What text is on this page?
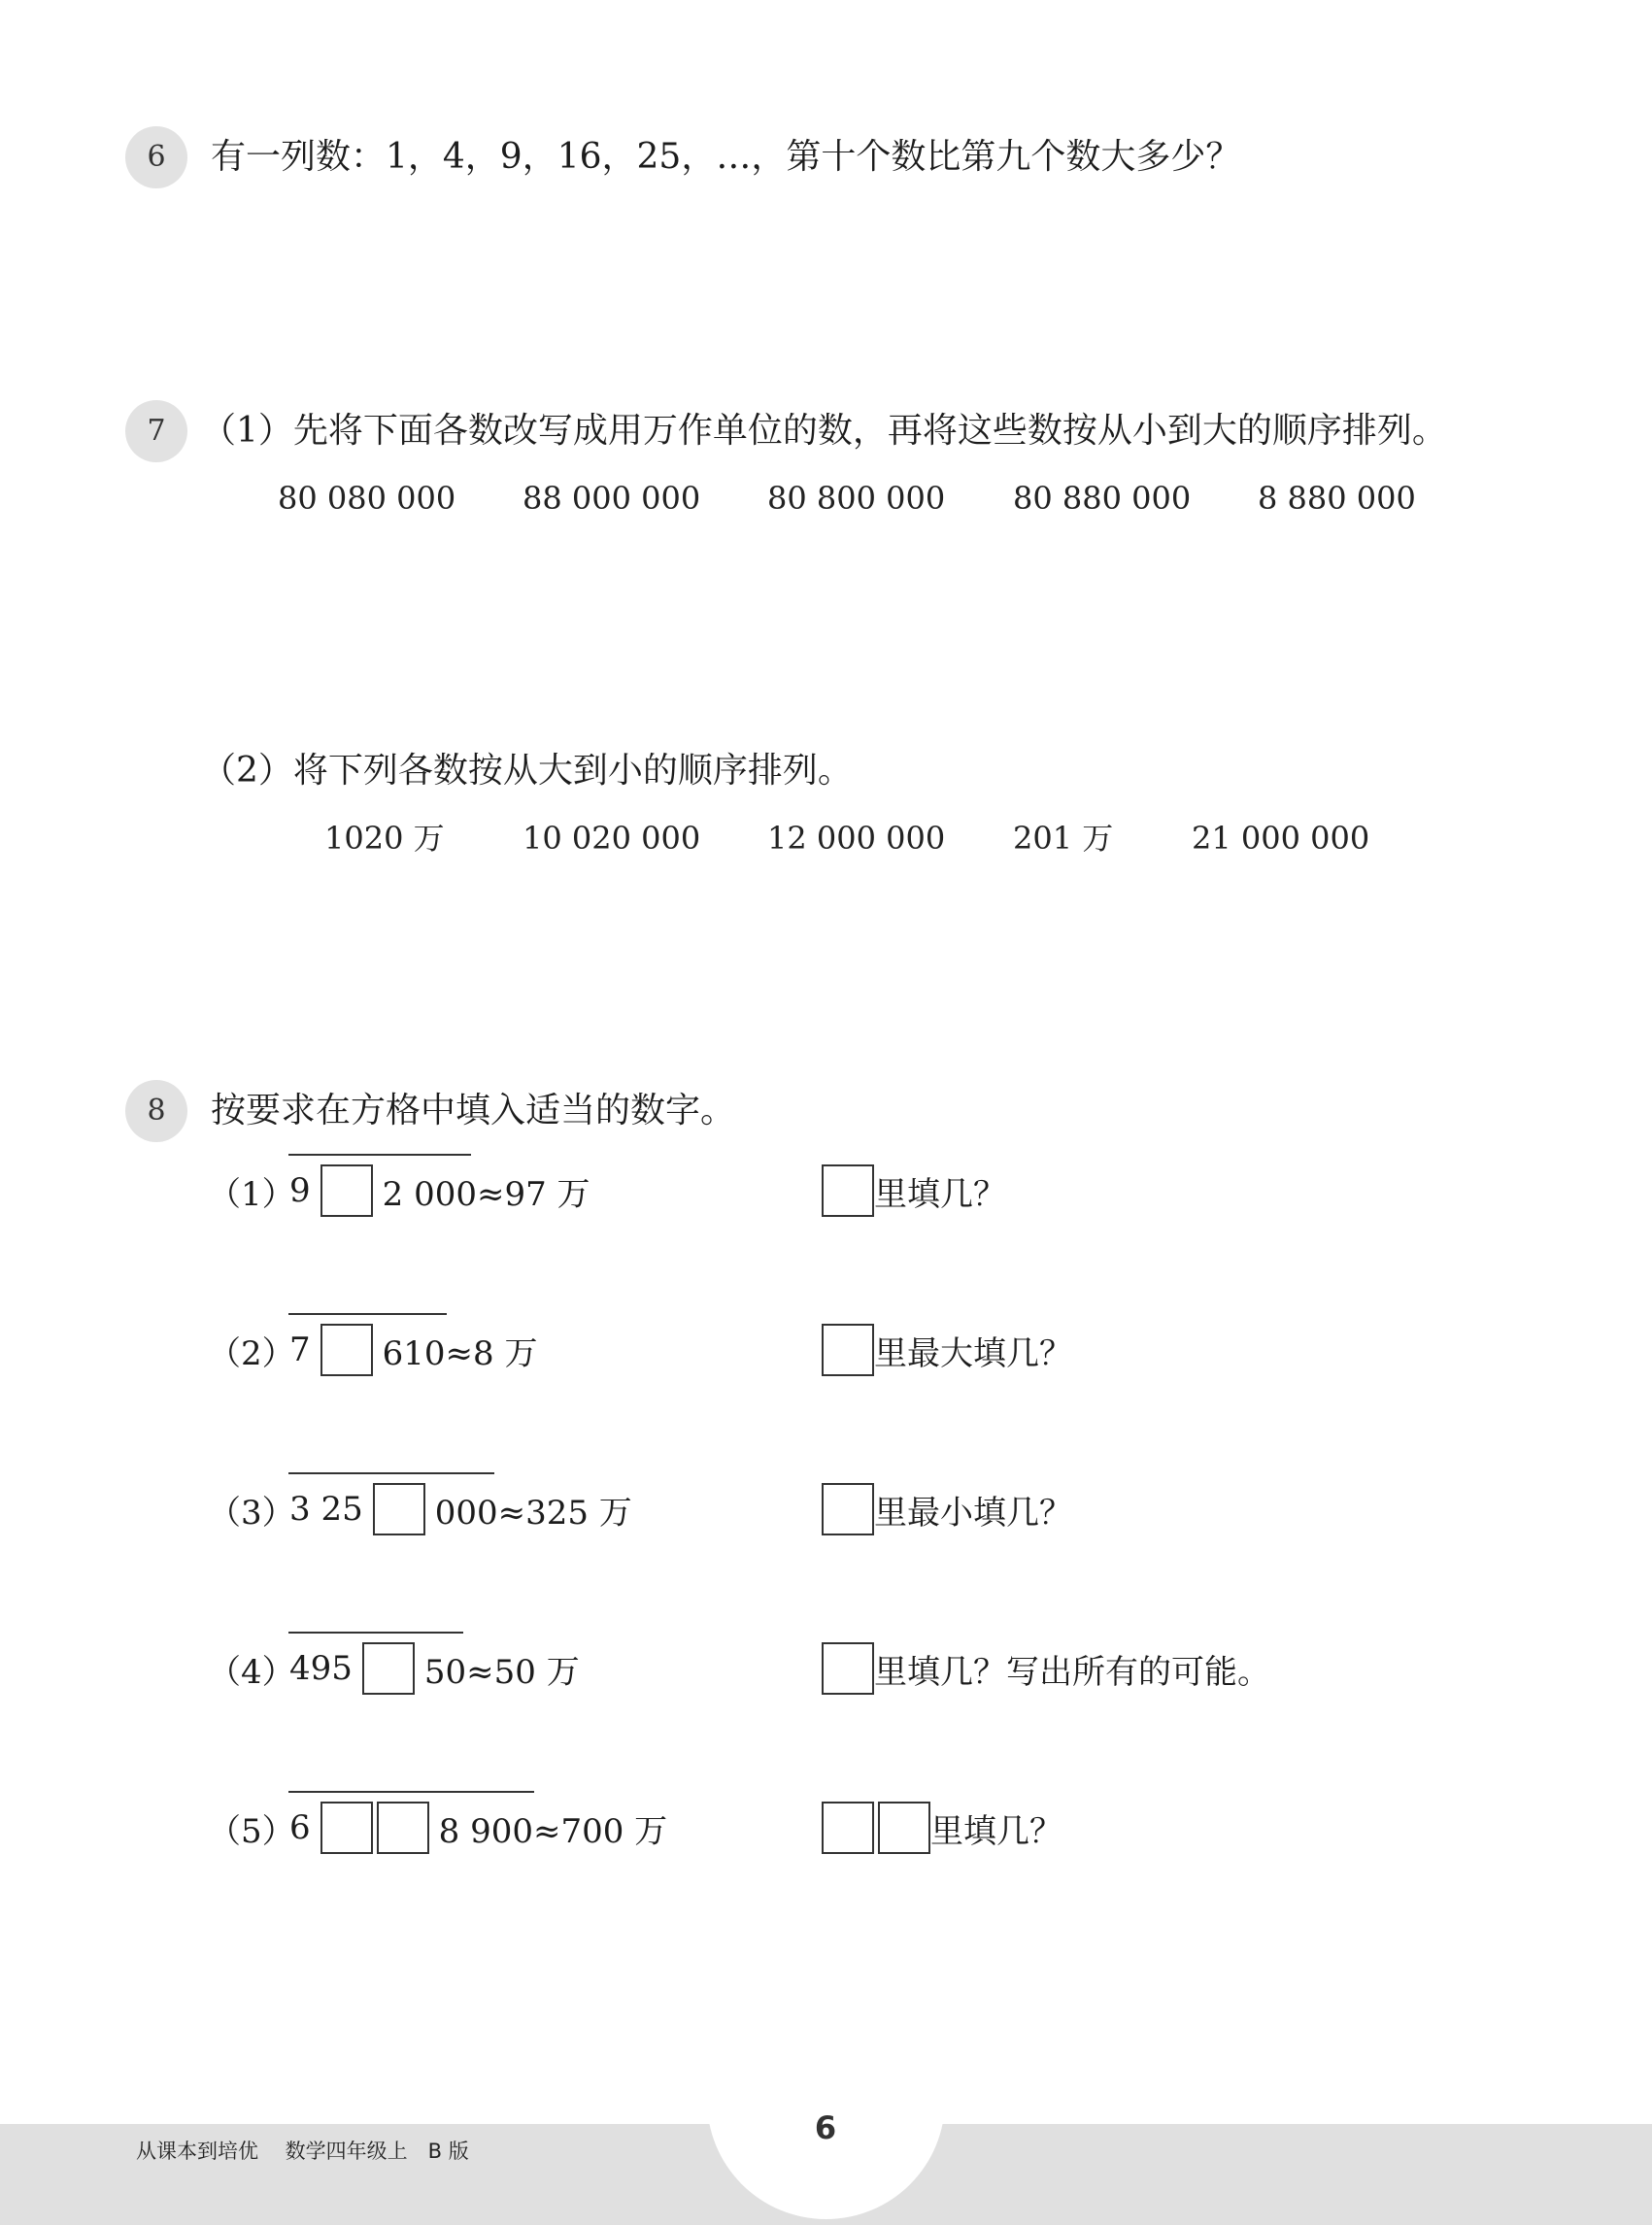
6	有一列数：1，4，9，16，25，…，第十个数比第九个数大多少？
7	（1）先将下面各数改写成用万作单位的数，再将这些数按从小到大的顺序排列。
80 080 000 88 000 000 80 800 000 80 880 000 8 880 000
（2）将下列各数按从大到小的顺序排列。
1020 万	10 020 000 12 000 000 201 万	21 000 000
8	按要求在方格中填入适当的数字。
（1）
9 2 000≈97 万	里填几？
（2）
7 610≈8 万	里最大填几？
（3）
3 25 000≈325 万	里最小填几？
（4）
495 50≈50 万	里填几？写出所有的可能。
（5）
6	8 900≈700 万	里填几？
6
从课本到培优　 数学四年级上　B 版
